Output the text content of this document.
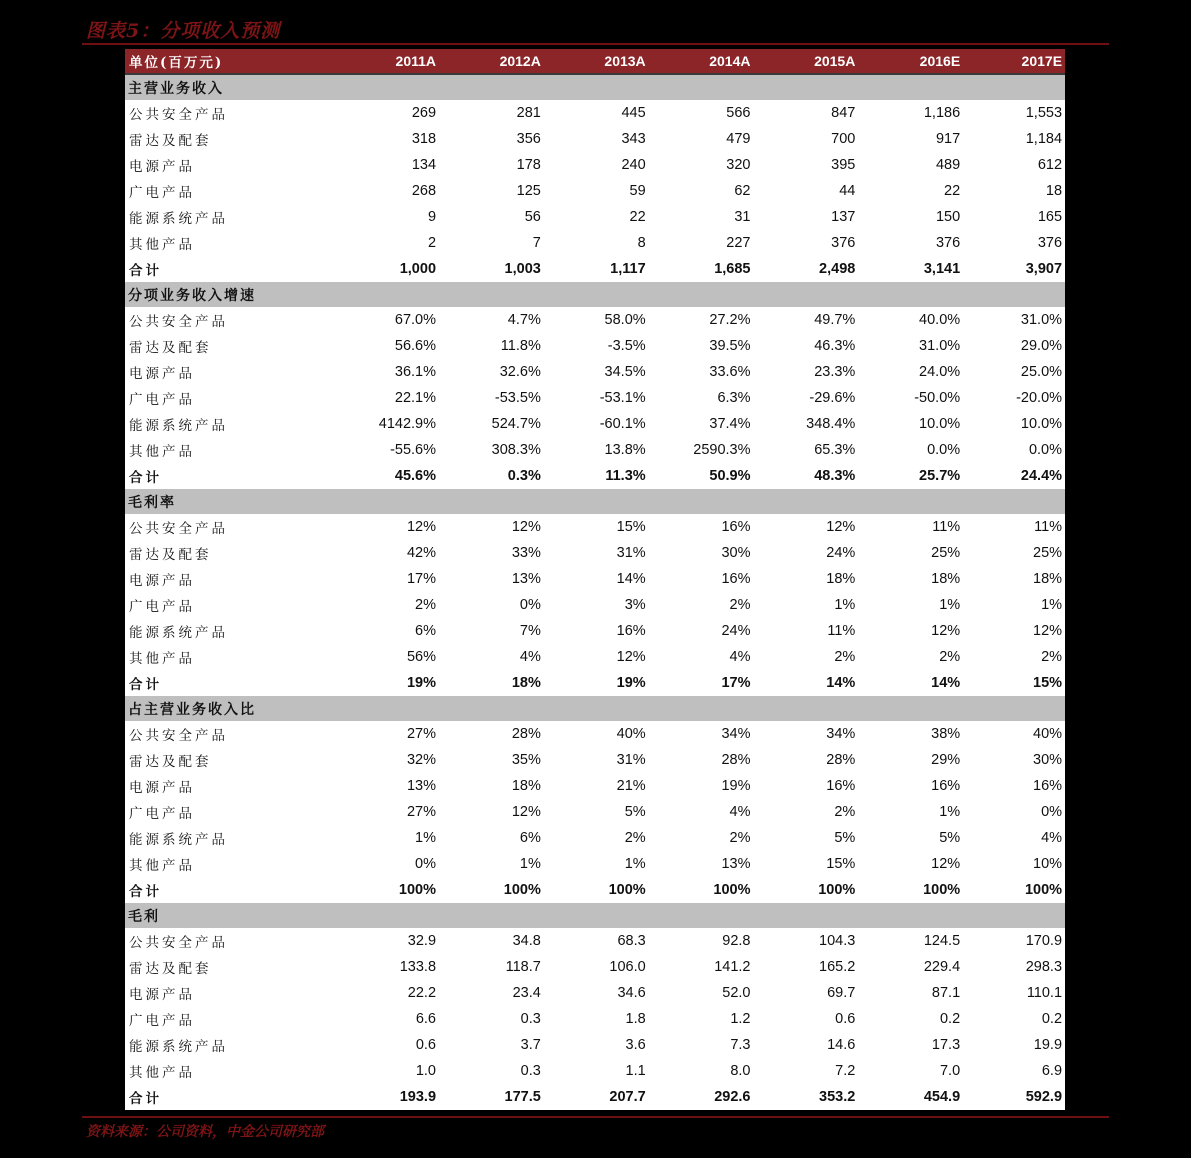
图表5：分项收入预测
单位(百万元)	2011A	2012A	2013A	2014A	2015A	2016E	2017E
主营业务收入
公共安全产品	269	281	445	566	847	1,186	1,553
雷达及配套	318	356	343	479	700	917	1,184
电源产品	134	178	240	320	395	489	612
广电产品	268	125	59	62	44	22	18
能源系统产品	9	56	22	31	137	150	165
其他产品	2	7	8	227	376	376	376
合计	1,000	1,003	1,117	1,685	2,498	3,141	3,907
分项业务收入增速
公共安全产品	67.0%	4.7%	58.0%	27.2%	49.7%	40.0%	31.0%
雷达及配套	56.6%	11.8%	-3.5%	39.5%	46.3%	31.0%	29.0%
电源产品	36.1%	32.6%	34.5%	33.6%	23.3%	24.0%	25.0%
广电产品	22.1%	-53.5%	-53.1%	6.3%	-29.6%	-50.0%	-20.0%
能源系统产品	4142.9%	524.7%	-60.1%	37.4%	348.4%	10.0%	10.0%
其他产品	-55.6%	308.3%	13.8%	2590.3%	65.3%	0.0%	0.0%
合计	45.6%	0.3%	11.3%	50.9%	48.3%	25.7%	24.4%
毛利率
公共安全产品	12%	12%	15%	16%	12%	11%	11%
雷达及配套	42%	33%	31%	30%	24%	25%	25%
电源产品	17%	13%	14%	16%	18%	18%	18%
广电产品	2%	0%	3%	2%	1%	1%	1%
能源系统产品	6%	7%	16%	24%	11%	12%	12%
其他产品	56%	4%	12%	4%	2%	2%	2%
合计	19%	18%	19%	17%	14%	14%	15%
占主营业务收入比
公共安全产品	27%	28%	40%	34%	34%	38%	40%
雷达及配套	32%	35%	31%	28%	28%	29%	30%
电源产品	13%	18%	21%	19%	16%	16%	16%
广电产品	27%	12%	5%	4%	2%	1%	0%
能源系统产品	1%	6%	2%	2%	5%	5%	4%
其他产品	0%	1%	1%	13%	15%	12%	10%
合计	100%	100%	100%	100%	100%	100%	100%
毛利
公共安全产品	32.9	34.8	68.3	92.8	104.3	124.5	170.9
雷达及配套	133.8	118.7	106.0	141.2	165.2	229.4	298.3
电源产品	22.2	23.4	34.6	52.0	69.7	87.1	110.1
广电产品	6.6	0.3	1.8	1.2	0.6	0.2	0.2
能源系统产品	0.6	3.7	3.6	7.3	14.6	17.3	19.9
其他产品	1.0	0.3	1.1	8.0	7.2	7.0	6.9
合计	193.9	177.5	207.7	292.6	353.2	454.9	592.9
资料来源：公司资料，中金公司研究部
